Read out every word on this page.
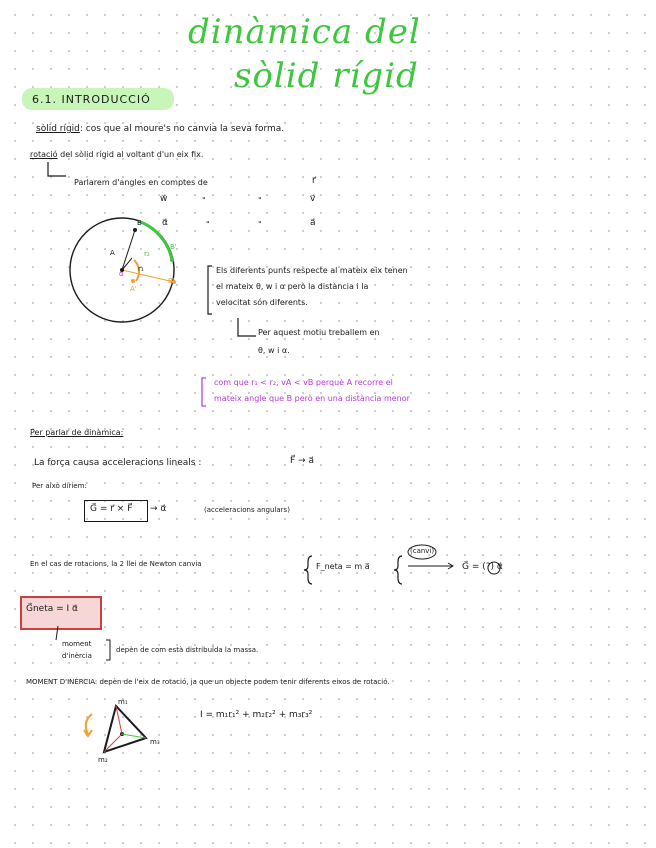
dinàmica del
sòlid rígid
6.1. INTRODUCCIÓ
sòlid rígid: cos que al moure's no canvia la seva forma.
rotació del sòlid rígid al voltant d'un eix fix.
Parlarem d'angles en comptes de	r⃗
w⃗	"	"	v⃗
α⃗	"	"	a⃗
B
B'
A
A'
B'
r₁
r₂
α	Els diferents punts respecte al mateix eix tenen
el mateix θ, w i α però la distància i la
velocitat són diferents.
Per aquest motiu treballem en
θ, w i α.
com que r₁ < r₂, vA < vB perquè A recorre el
mateix angle que B però en una distància menor
Per parlar de dinàmica:
La força causa acceleracions lineals :	F⃗ → a⃗
Per això diríem:
G⃗ = r⃗ × F⃗ → α⃗	(acceleracions angulars)
En el cas de rotacions, la 2 llei de Newton canvia	F_neta = m a⃗
(canvi)
G⃗ = (?) α⃗
G⃗neta = I α⃗
moment
d'inèrcia
depèn de com està distribuïda la massa.
MOMENT D'INÈRCIA: depèn de l'eix de rotació, ja que un objecte podem tenir diferents eixos de rotació.
m₁
m₂
m₃
I = m₁r₁² + m₂r₂² + m₃r₃²
